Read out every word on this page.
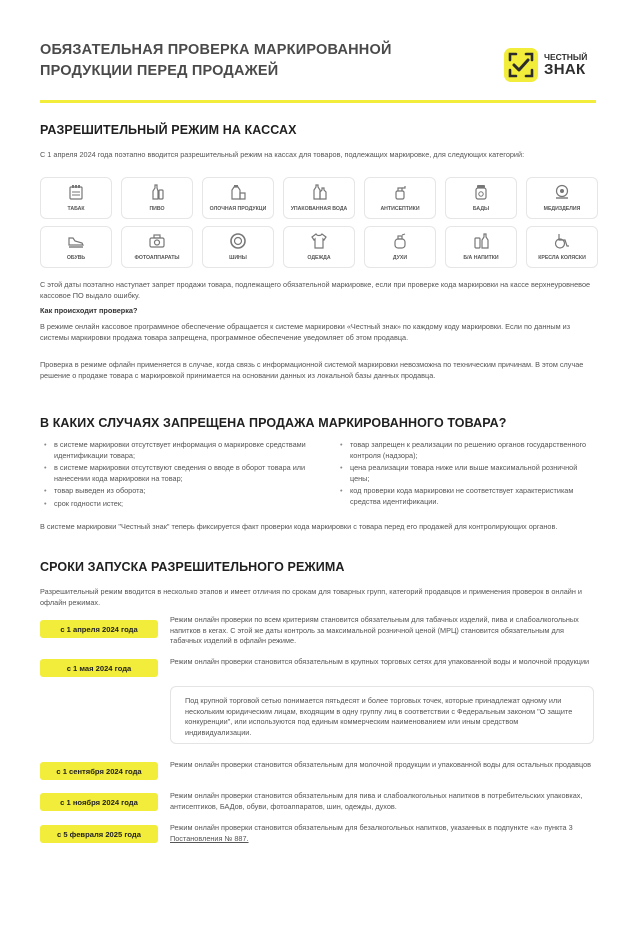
ОБЯЗАТЕЛЬНАЯ ПРОВЕРКА МАРКИРОВАННОЙ
ПРОДУКЦИИ ПЕРЕД ПРОДАЖЕЙ
ЧЕСТНЫЙ
ЗНАК
РАЗРЕШИТЕЛЬНЫЙ РЕЖИМ НА КАССАХ
С 1 апреля 2024 года поэтапно вводится разрешительный режим на кассах для товаров, подлежащих маркировке, для следующих категорий:
ТАБАК	ПИВО	ОЛОЧНАЯ ПРОДУКЦИ	УПАКОВАННАЯ ВОДА	АНТИСЕПТИКИ	БАДЫ	МЕДИЗДЕЛИЯ
ОБУВЬ	ФОТОАППАРАТЫ	ШИНЫ	ОДЕЖДА	ДУХИ	Б/А НАПИТКИ	КРЕСЛА КОЛЯСКИ
С этой даты поэтапно наступает запрет продажи товара, подлежащего обязательной маркировке, если при проверке кода маркировки на кассе верхнеуровневое кассовое ПО выдало ошибку.
Как происходит проверка?
В режиме онлайн кассовое программное обеспечение обращается к системе маркировки «Честный знак» по каждому коду маркировки. Если по данным из системы маркировки продажа товара запрещена, программное обеспечение уведомляет об этом продавца.
Проверка в режиме офлайн применяется в случае, когда связь с информационной системой маркировки невозможна по техническим причинам. В этом случае решение о продаже товара с маркировкой принимается на основании данных из локальной базы данных продавца.
В КАКИХ СЛУЧАЯХ ЗАПРЕЩЕНА ПРОДАЖА МАРКИРОВАННОГО ТОВАРА?
• в системе маркировки отсутствует информация о маркировке средствами идентификации товара;
• в системе маркировки отсутствуют сведения о вводе в оборот товара или нанесении кода маркировки на товар;
• товар выведен из оборота;
• срок годности истек;
• товар запрещен к реализации по решению органов государственного контроля (надзора);
• цена реализации товара ниже или выше максимальной розничной цены;
• код проверки кода маркировки не соответствует характеристикам средства идентификации.
В системе маркировки "Честный знак" теперь фиксируется факт проверки кода маркировки с товара перед его продажей для контролирующих органов.
СРОКИ ЗАПУСКА РАЗРЕШИТЕЛЬНОГО РЕЖИМА
Разрешительный режим вводится в несколько этапов и имеет отличия по срокам для товарных групп, категорий продавцов и применения проверок в онлайн и офлайн режимах.
с 1 апреля 2024 года
Режим онлайн проверки по всем критериям становится обязательным для табачных изделий, пива и слабоалкогольных напитков в кегах. С этой же даты контроль за максимальной розничной ценой (МРЦ) становится обязательным для табачных изделий в офлайн режиме.
с 1 мая 2024 года
Режим онлайн проверки становится обязательным в крупных торговых сетях для упакованной воды и молочной продукции
Под крупной торговой сетью понимается пятьдесят и более торговых точек, которые принадлежат одному или нескольким юридическим лицам, входящим в одну группу лиц в соответствии с Федеральным законом "О защите конкуренции", или используются под единым коммерческим наименованием или иным средством индивидуализации.
с 1 сентября 2024 года
Режим онлайн проверки становится обязательным для молочной продукции и упакованной воды для остальных продавцов
с 1 ноября 2024 года
Режим онлайн проверки становится обязательным для пива и слабоалкогольных напитков в потребительских упаковках, антисептиков, БАДов, обуви, фотоаппаратов, шин, одежды, духов.
с 5 февраля 2025 года
Режим онлайн проверки становится обязательным для безалкогольных напитков, указанных в подпункте «а» пункта 3 Постановления № 887.
